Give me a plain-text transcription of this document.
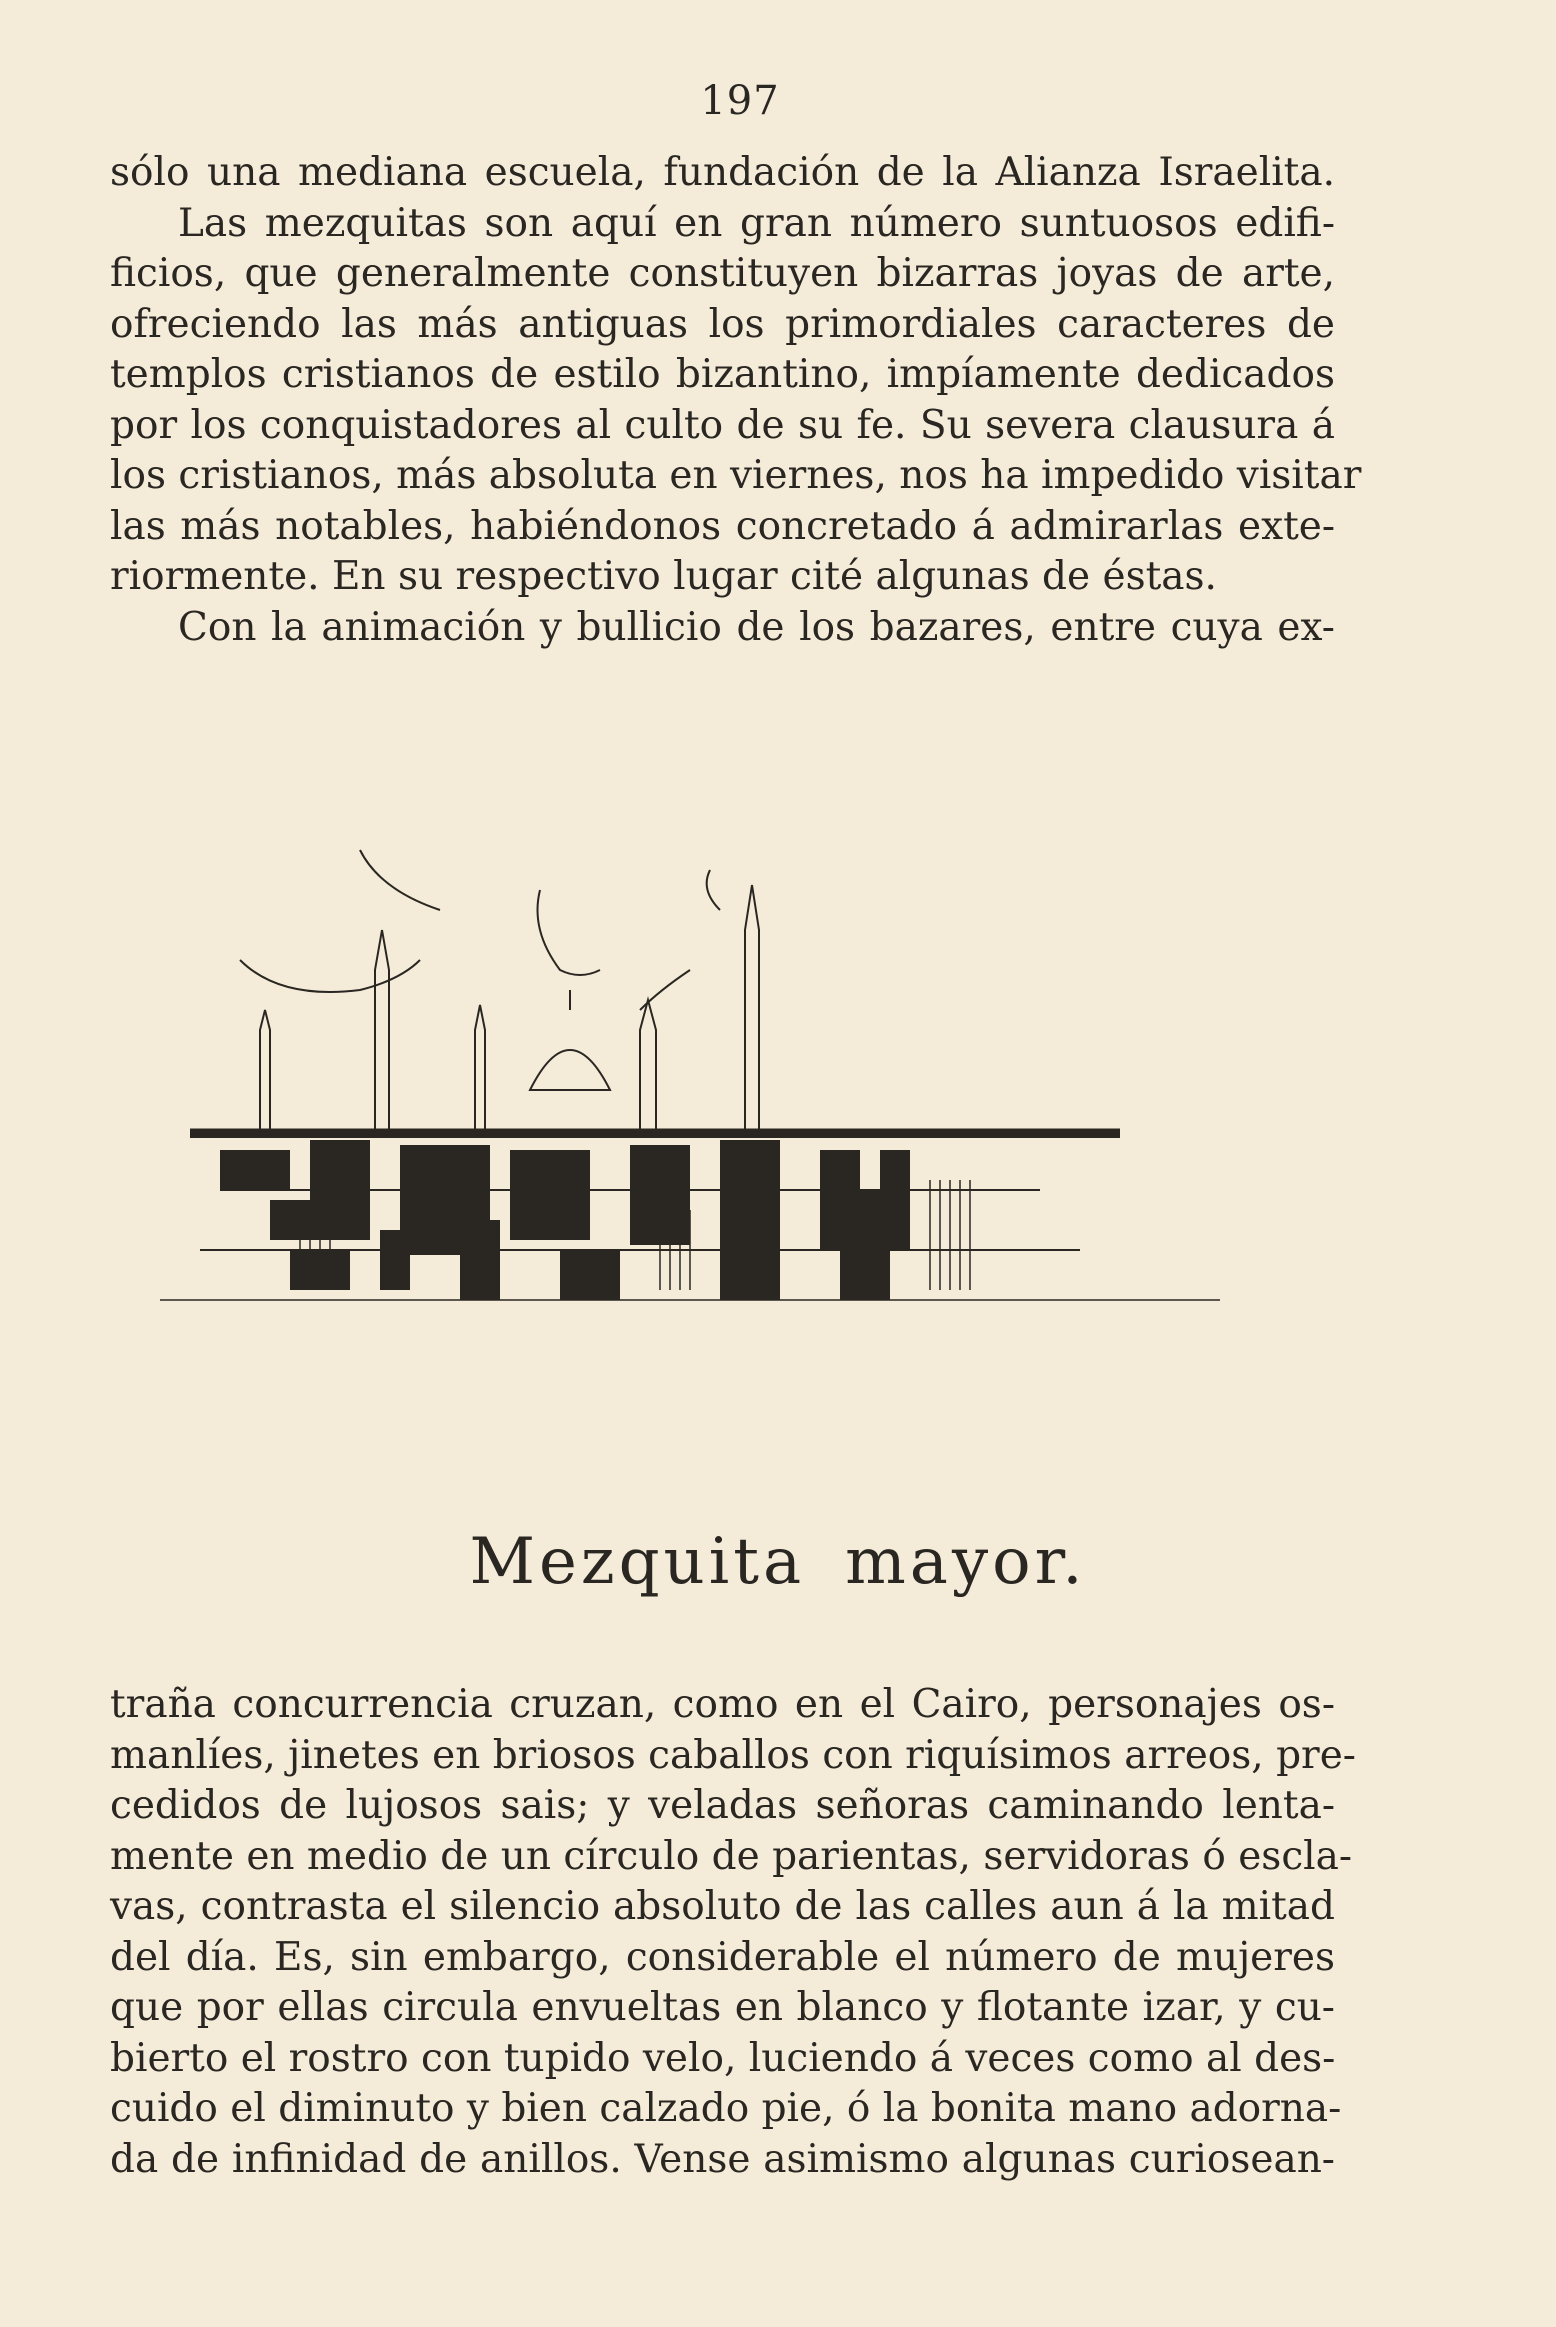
197
sólo una mediana escuela, fundación de la Alianza Israelita.
Las mezquitas son aquí en gran número suntuosos edifi-
ficios, que generalmente constituyen bizarras joyas de arte,
ofreciendo las más antiguas los primordiales caracteres de
templos cristianos de estilo bizantino, impíamente dedicados
por los conquistadores al culto de su fe. Su severa clausura á
los cristianos, más absoluta en viernes, nos ha impedido visitar
las más notables, habiéndonos concretado á admirarlas exte-
riormente. En su respectivo lugar cité algunas de éstas.
Con la animación y bullicio de los bazares, entre cuya ex-
Mezquita mayor.
traña concurrencia cruzan, como en el Cairo, personajes os-
manlíes, jinetes en briosos caballos con riquísimos arreos, pre-
cedidos de lujosos sais; y veladas señoras caminando lenta-
mente en medio de un círculo de parientas, servidoras ó escla-
vas, contrasta el silencio absoluto de las calles aun á la mitad
del día. Es, sin embargo, considerable el número de mujeres
que por ellas circula envueltas en blanco y flotante izar, y cu-
bierto el rostro con tupido velo, luciendo á veces como al des-
cuido el diminuto y bien calzado pie, ó la bonita mano adorna-
da de infinidad de anillos. Vense asimismo algunas curiosean-
